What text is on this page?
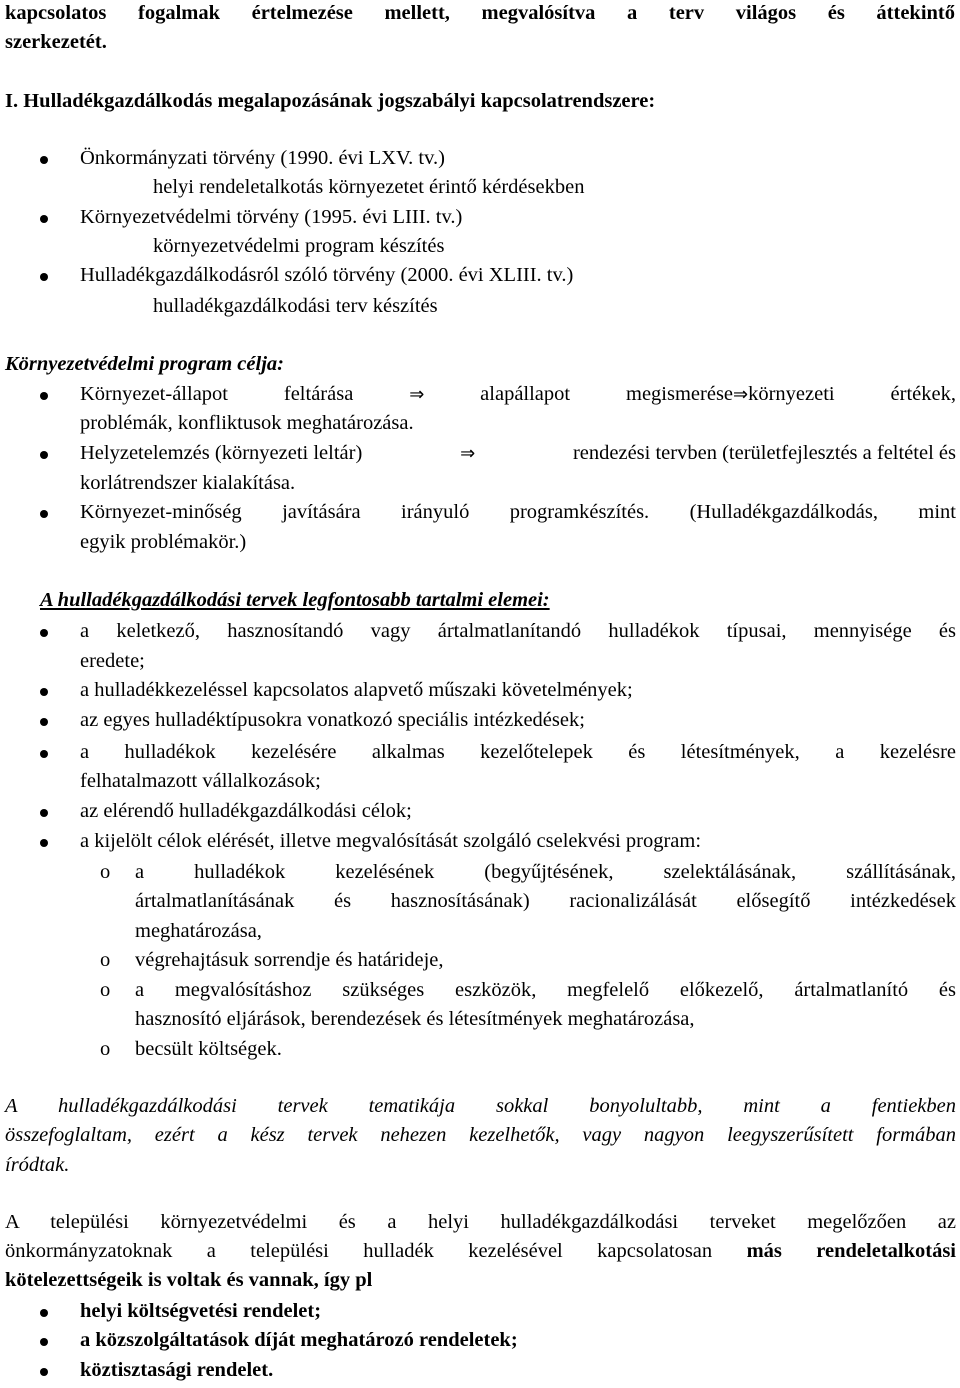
kapcsolatos fogalmak értelmezése mellett, megvalósítva a terv világos és áttekintő
szerkezetét.
I. Hulladékgazdálkodás megalapozásának jogszabályi kapcsolatrendszere:
Önkormányzati törvény (1990. évi LXV. tv.)
helyi rendeletalkotás környezetet érintő kérdésekben
Környezetvédelmi törvény (1995. évi LIII. tv.)
környezetvédelmi program készítés
Hulladékgazdálkodásról szóló törvény (2000. évi XLIII. tv.)
hulladékgazdálkodási terv készítés
Környezetvédelmi program célja:
Környezet-állapot	feltárása	⇒	alapállapot	megismerése⇒környezeti	értékek,
problémák, konfliktusok meghatározása.
Helyzetelemzés (környezeti leltár)	⇒	rendezési tervben (területfejlesztés a feltétel és
korlátrendszer kialakítása.
Környezet-minőség javítására irányuló programkészítés. (Hulladékgazdálkodás, mint
egyik problémakör.)
A hulladékgazdálkodási tervek legfontosabb tartalmi elemei:
a keletkező, hasznosítandó vagy ártalmatlanítandó hulladékok típusai, mennyisége és
eredete;
a hulladékkezeléssel kapcsolatos alapvető műszaki követelmények;
az egyes hulladéktípusokra vonatkozó speciális intézkedések;
a hulladékok kezelésére alkalmas kezelőtelepek és létesítmények, a kezelésre
felhatalmazott vállalkozások;
az elérendő hulladékgazdálkodási célok;
a kijelölt célok elérését, illetve megvalósítását szolgáló cselekvési program:
o a hulladékok kezelésének (begyűjtésének, szelektálásának, szállításának,
ártalmatlanításának és hasznosításának) racionalizálását elősegítő intézkedések
meghatározása,
o végrehajtásuk sorrendje és határideje,
o a megvalósításhoz szükséges eszközök, megfelelő előkezelő, ártalmatlanító és
hasznosító eljárások, berendezések és létesítmények meghatározása,
o becsült költségek.
A hulladékgazdálkodási tervek tematikája sokkal bonyolultabb, mint a fentiekben
összefoglaltam, ezért a kész tervek nehezen kezelhetők, vagy nagyon leegyszerűsített formában
íródtak.
A települési környezetvédelmi és a helyi hulladékgazdálkodási terveket megelőzően az
önkormányzatoknak a települési hulladék kezelésével kapcsolatosan más rendeletalkotási
kötelezettségeik is voltak és vannak, így pl
helyi költségvetési rendelet;
a közszolgáltatások díját meghatározó rendeletek;
köztisztasági rendelet.
